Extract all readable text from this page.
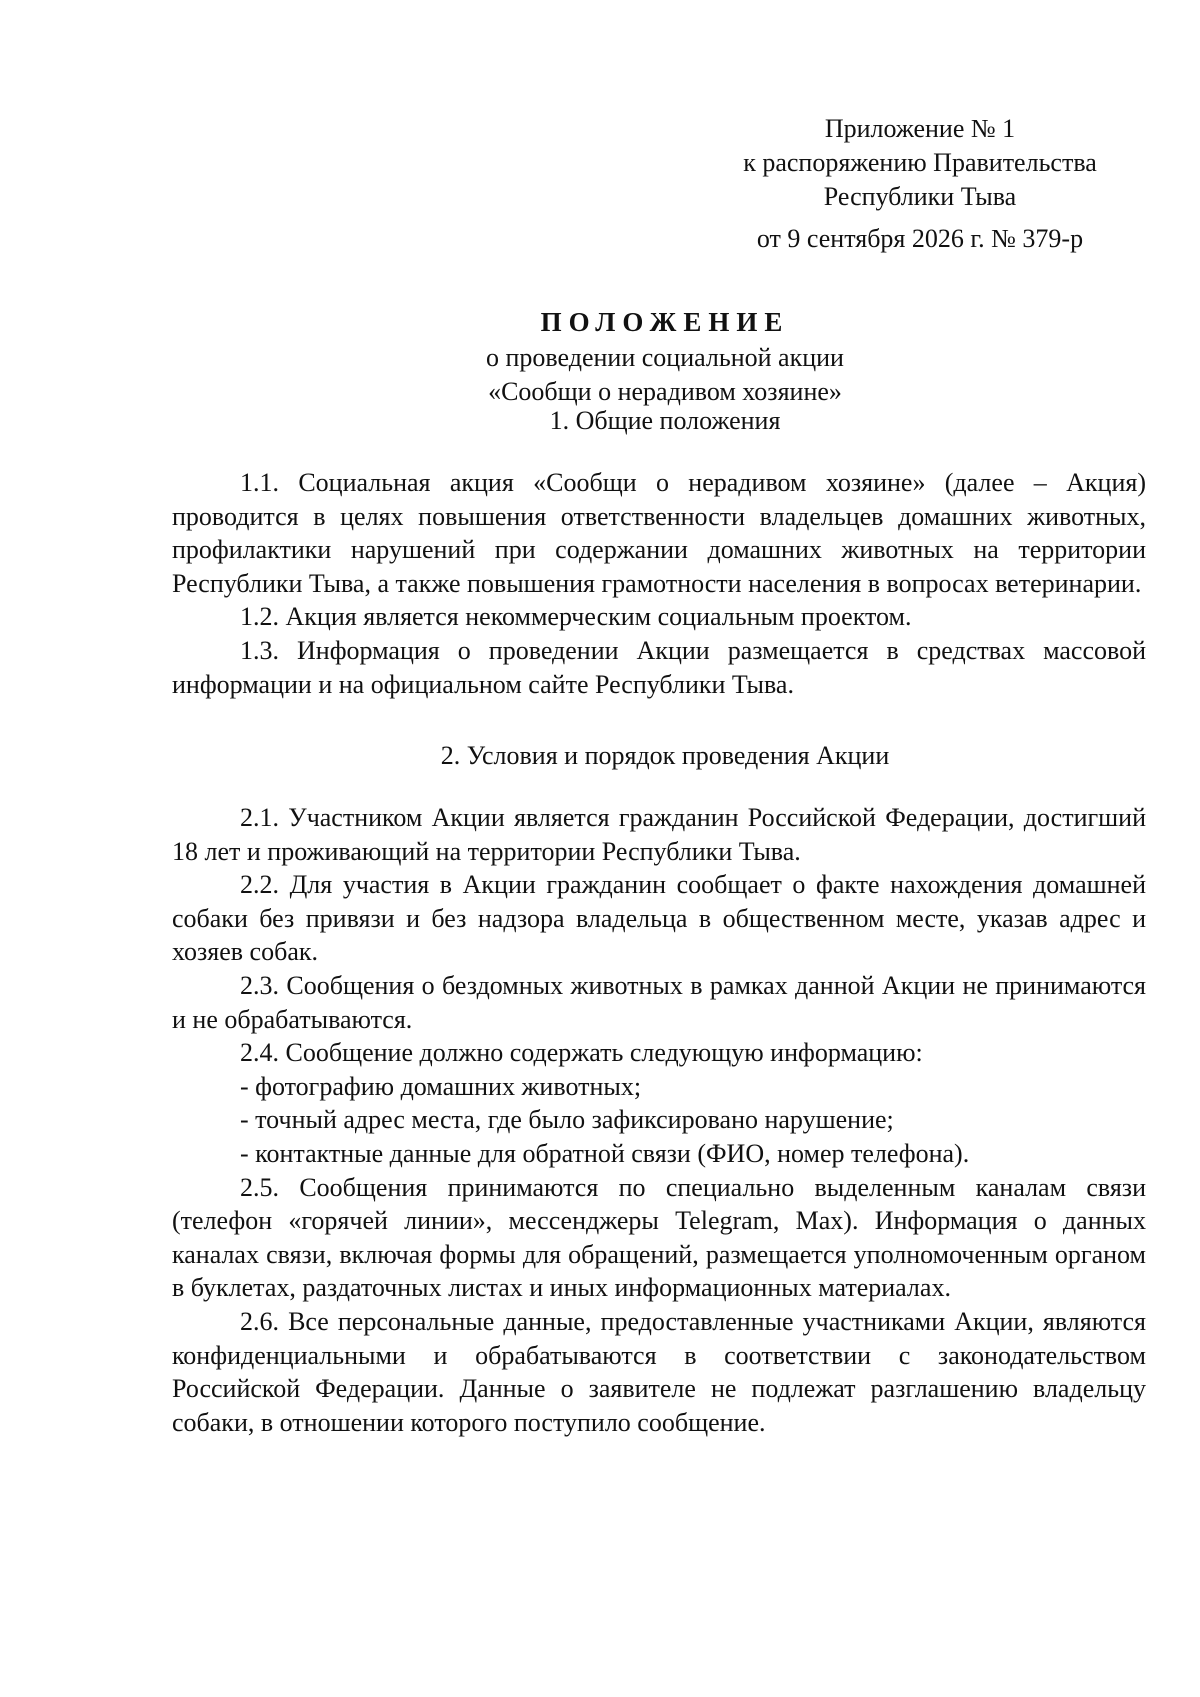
Приложение № 1
к распоряжению Правительства
Республики Тыва
от 9 сентября 2026 г. № 379-р
ПОЛОЖЕНИЕ
о проведении социальной акции
«Сообщи о нерадивом хозяине»
1. Общие положения

1.1. Социальная акция «Сообщи о нерадивом хозяине» (далее – Акция) проводится в целях повышения ответственности владельцев домашних животных, профилактики нарушений при содержании домашних животных на территории Республики Тыва, а также повышения грамотности населения в вопросах ветеринарии.

1.2. Акция является некоммерческим социальным проектом.

1.3. Информация о проведении Акции размещается в средствах массовой информации и на официальном сайте Республики Тыва.

2. Условия и порядок проведения Акции

2.1. Участником Акции является гражданин Российской Федерации, достигший 18 лет и проживающий на территории Республики Тыва.

2.2. Для участия в Акции гражданин сообщает о факте нахождения домашней собаки без привязи и без надзора владельца в общественном месте, указав адрес и хозяев собак.

2.3. Сообщения о бездомных животных в рамках данной Акции не принимаются и не обрабатываются.

2.4. Сообщение должно содержать следующую информацию:

- фотографию домашних животных;

- точный адрес места, где было зафиксировано нарушение;

- контактные данные для обратной связи (ФИО, номер телефона).

2.5. Сообщения принимаются по специально выделенным каналам связи (телефон «горячей линии», мессенджеры Telegram, Max). Информация о данных каналах связи, включая формы для обращений, размещается уполномоченным органом в буклетах, раздаточных листах и иных информационных материалах.

2.6. Все персональные данные, предоставленные участниками Акции, являются конфиденциальными и обрабатываются в соответствии с законодательством Российской Федерации. Данные о заявителе не подлежат разглашению владельцу собаки, в отношении которого поступило сообщение.
